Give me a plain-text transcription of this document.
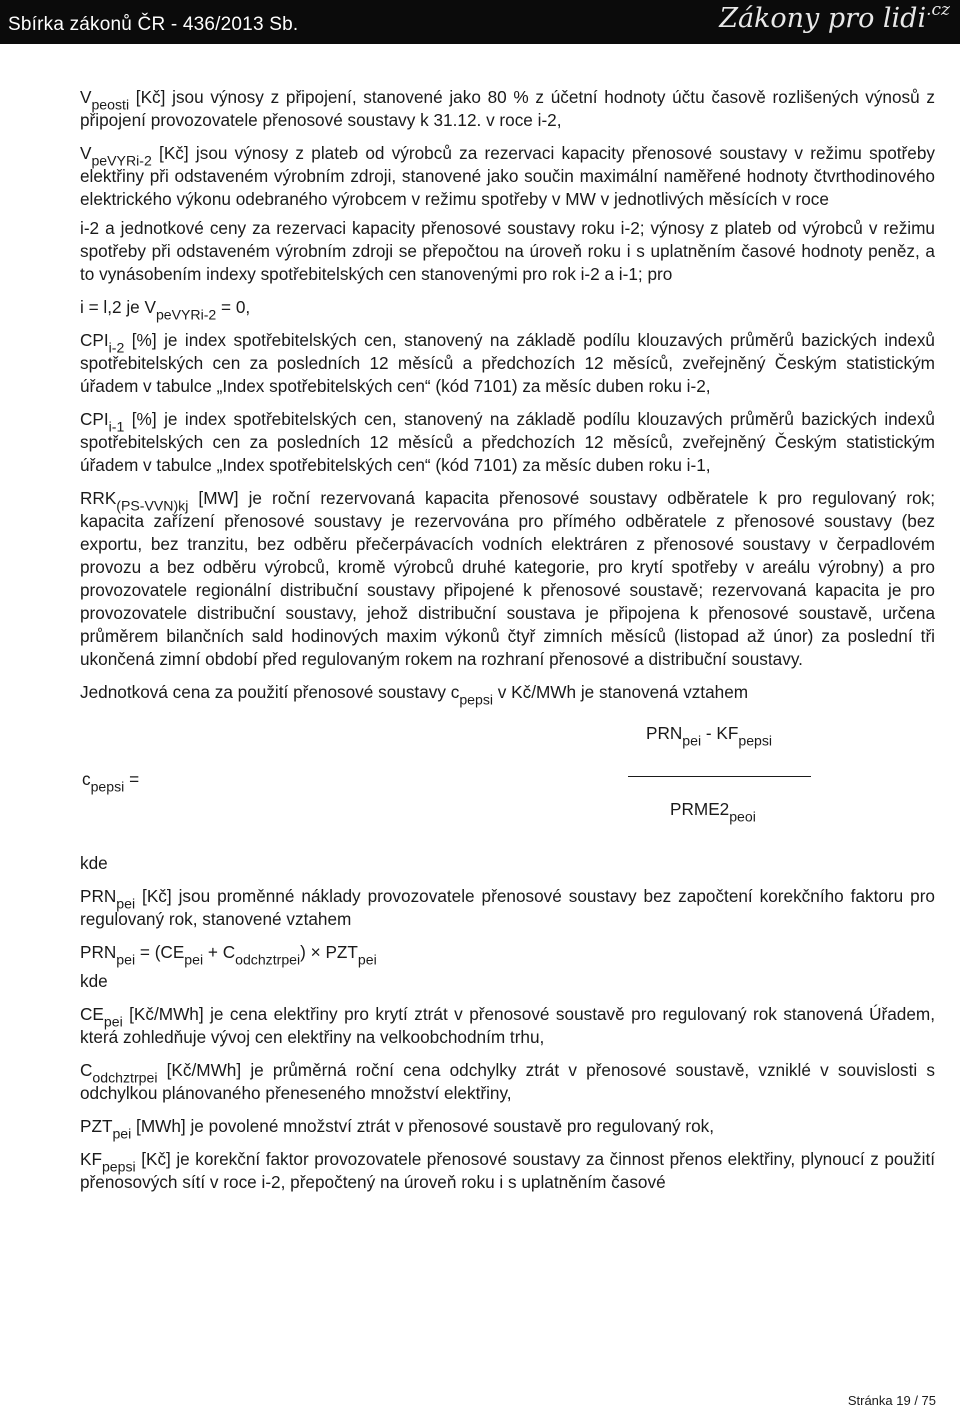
Sbírka zákonů ČR - 436/2013 Sb.	Zákony pro lidi$^{.cz}$

$V_{peosti}$ [Kč] jsou výnosy z připojení, stanovené jako 80 % z účetní hodnoty účtu časově rozlišených výnosů z připojení provozovatele přenosové soustavy k 31.12. v roce i-2,

$V_{peVYRi-2}$ [Kč] jsou výnosy z plateb od výrobců za rezervaci kapacity přenosové soustavy v režimu spotřeby elektřiny při odstaveném výrobním zdroji, stanovené jako součin maximální naměřené hodnoty čtvrthodinového elektrického výkonu odebraného výrobcem v režimu spotřeby v MW v jednotlivých měsících v roce

i-2 a jednotkové ceny za rezervaci kapacity přenosové soustavy roku i-2; výnosy z plateb od výrobců v režimu spotřeby při odstaveném výrobním zdroji se přepočtou na úroveň roku i s uplatněním časové hodnoty peněz, a to vynásobením indexy spotřebitelských cen stanovenými pro rok i-2 a i-1; pro

i = l,2 je $V_{peVYRi-2} = 0$,

$CPI_{i-2}$ [%] je index spotřebitelských cen, stanovený na základě podílu klouzavých průměrů bazických indexů spotřebitelských cen za posledních 12 měsíců a předchozích 12 měsíců, zveřejněný Českým statistickým úřadem v tabulce „Index spotřebitelských cen“ (kód 7101) za měsíc duben roku i-2,

$CPI_{i-1}$ [%] je index spotřebitelských cen, stanovený na základě podílu klouzavých průměrů bazických indexů spotřebitelských cen za posledních 12 měsíců a předchozích 12 měsíců, zveřejněný Českým statistickým úřadem v tabulce „Index spotřebitelských cen“ (kód 7101) za měsíc duben roku i-1,

$RRK_{(PS-VVN)kj}$ [MW] je roční rezervovaná kapacita přenosové soustavy odběratele k pro regulovaný rok; kapacita zařízení přenosové soustavy je rezervována pro přímého odběratele z přenosové soustavy (bez exportu, bez tranzitu, bez odběru přečerpávacích vodních elektráren z přenosové soustavy v čerpadlovém provozu a bez odběru výrobců, kromě výrobců druhé kategorie, pro krytí spotřeby v areálu výrobny) a pro provozovatele regionální distribuční soustavy připojené k přenosové soustavě; rezervovaná kapacita je pro provozovatele distribuční soustavy, jehož distribuční soustava je připojena k přenosové soustavě, určena průměrem bilančních sald hodinových maxim výkonů čtyř zimních měsíců (listopad až únor) za poslední tři ukončená zimní období před regulovaným rokem na rozhraní přenosové a distribuční soustavy.

Jednotková cena za použití přenosové soustavy $c_{pepsi}$ v Kč/MWh je stanovená vztahem

$c_{pepsi}$ =
$PRN_{pei} - KF_{pepsi}$
$PRME2_{peoi}$

kde

$PRN_{pei}$ [Kč] jsou proměnné náklady provozovatele přenosové soustavy bez započtení korekčního faktoru pro regulovaný rok, stanovené vztahem

$PRN_{pei} = (CE_{pei} + C_{odchztrpei}) \times PZT_{pei}$

kde

$CE_{pei}$ [Kč/MWh] je cena elektřiny pro krytí ztrát v přenosové soustavě pro regulovaný rok stanovená Úřadem, která zohledňuje vývoj cen elektřiny na velkoobchodním trhu,

$C_{odchztrpei}$ [Kč/MWh] je průměrná roční cena odchylky ztrát v přenosové soustavě, vzniklé v souvislosti s odchylkou plánovaného přeneseného množství elektřiny,

$PZT_{pei}$ [MWh] je povolené množství ztrát v přenosové soustavě pro regulovaný rok,

$KF_{pepsi}$ [Kč] je korekční faktor provozovatele přenosové soustavy za činnost přenos elektřiny, plynoucí z použití přenosových sítí v roce i-2, přepočtený na úroveň roku i s uplatněním časové

Stránka 19 / 75
